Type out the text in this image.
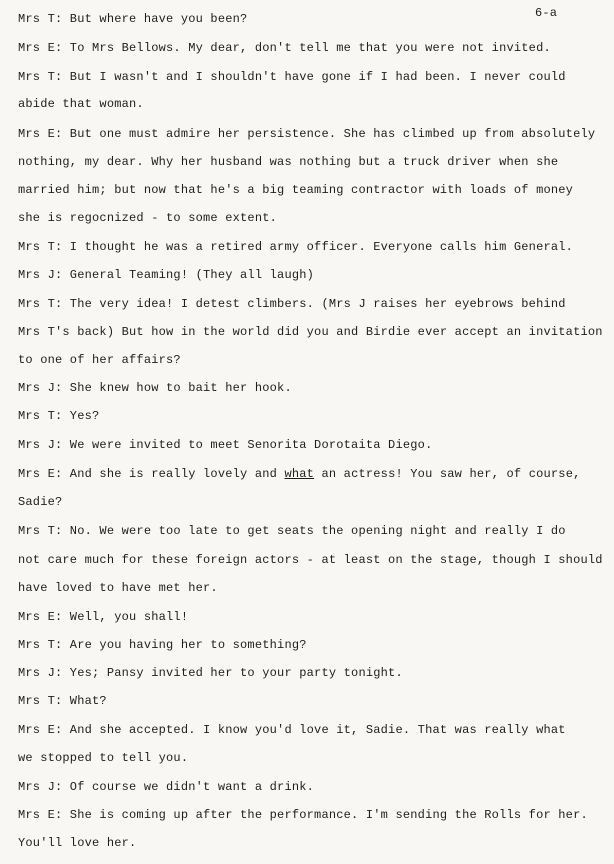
6-a
Mrs T: But where have you been?
Mrs E: To Mrs Bellows. My dear, don't tell me that you were not invited.
Mrs T: But I wasn't and I shouldn't have gone if I had been. I never could
abide that woman.
Mrs E: But one must admire her persistence. She has climbed up from absolutely
nothing, my dear. Why her husband was nothing but a truck driver when she
married him; but now that he's a big teaming contractor with loads of money
she is regocnized - to some extent.
Mrs T: I thought he was a retired army officer. Everyone calls him General.
Mrs J: General Teaming! (They all laugh)
Mrs T: The very idea! I detest climbers. (Mrs J raises her eyebrows behind
Mrs T's back) But how in the world did you and Birdie ever accept an invitation
to one of her affairs?
Mrs J: She knew how to bait her hook.
Mrs T: Yes?
Mrs J: We were invited to meet Senorita Dorotaita Diego.
Mrs E: And she is really lovely and what an actress! You saw her, of course,
Sadie?
Mrs T: No. We were too late to get seats the opening night and really I do
not care much for these foreign actors - at least on the stage, though I should
have loved to have met her.
Mrs E: Well, you shall!
Mrs T: Are you having her to something?
Mrs J: Yes; Pansy invited her to your party tonight.
Mrs T: What?
Mrs E: And she accepted. I know you'd love it, Sadie. That was really what
we stopped to tell you.
Mrs J: Of course we didn't want a drink.
Mrs E: She is coming up after the performance. I'm sending the Rolls for her.
You'll love her.
